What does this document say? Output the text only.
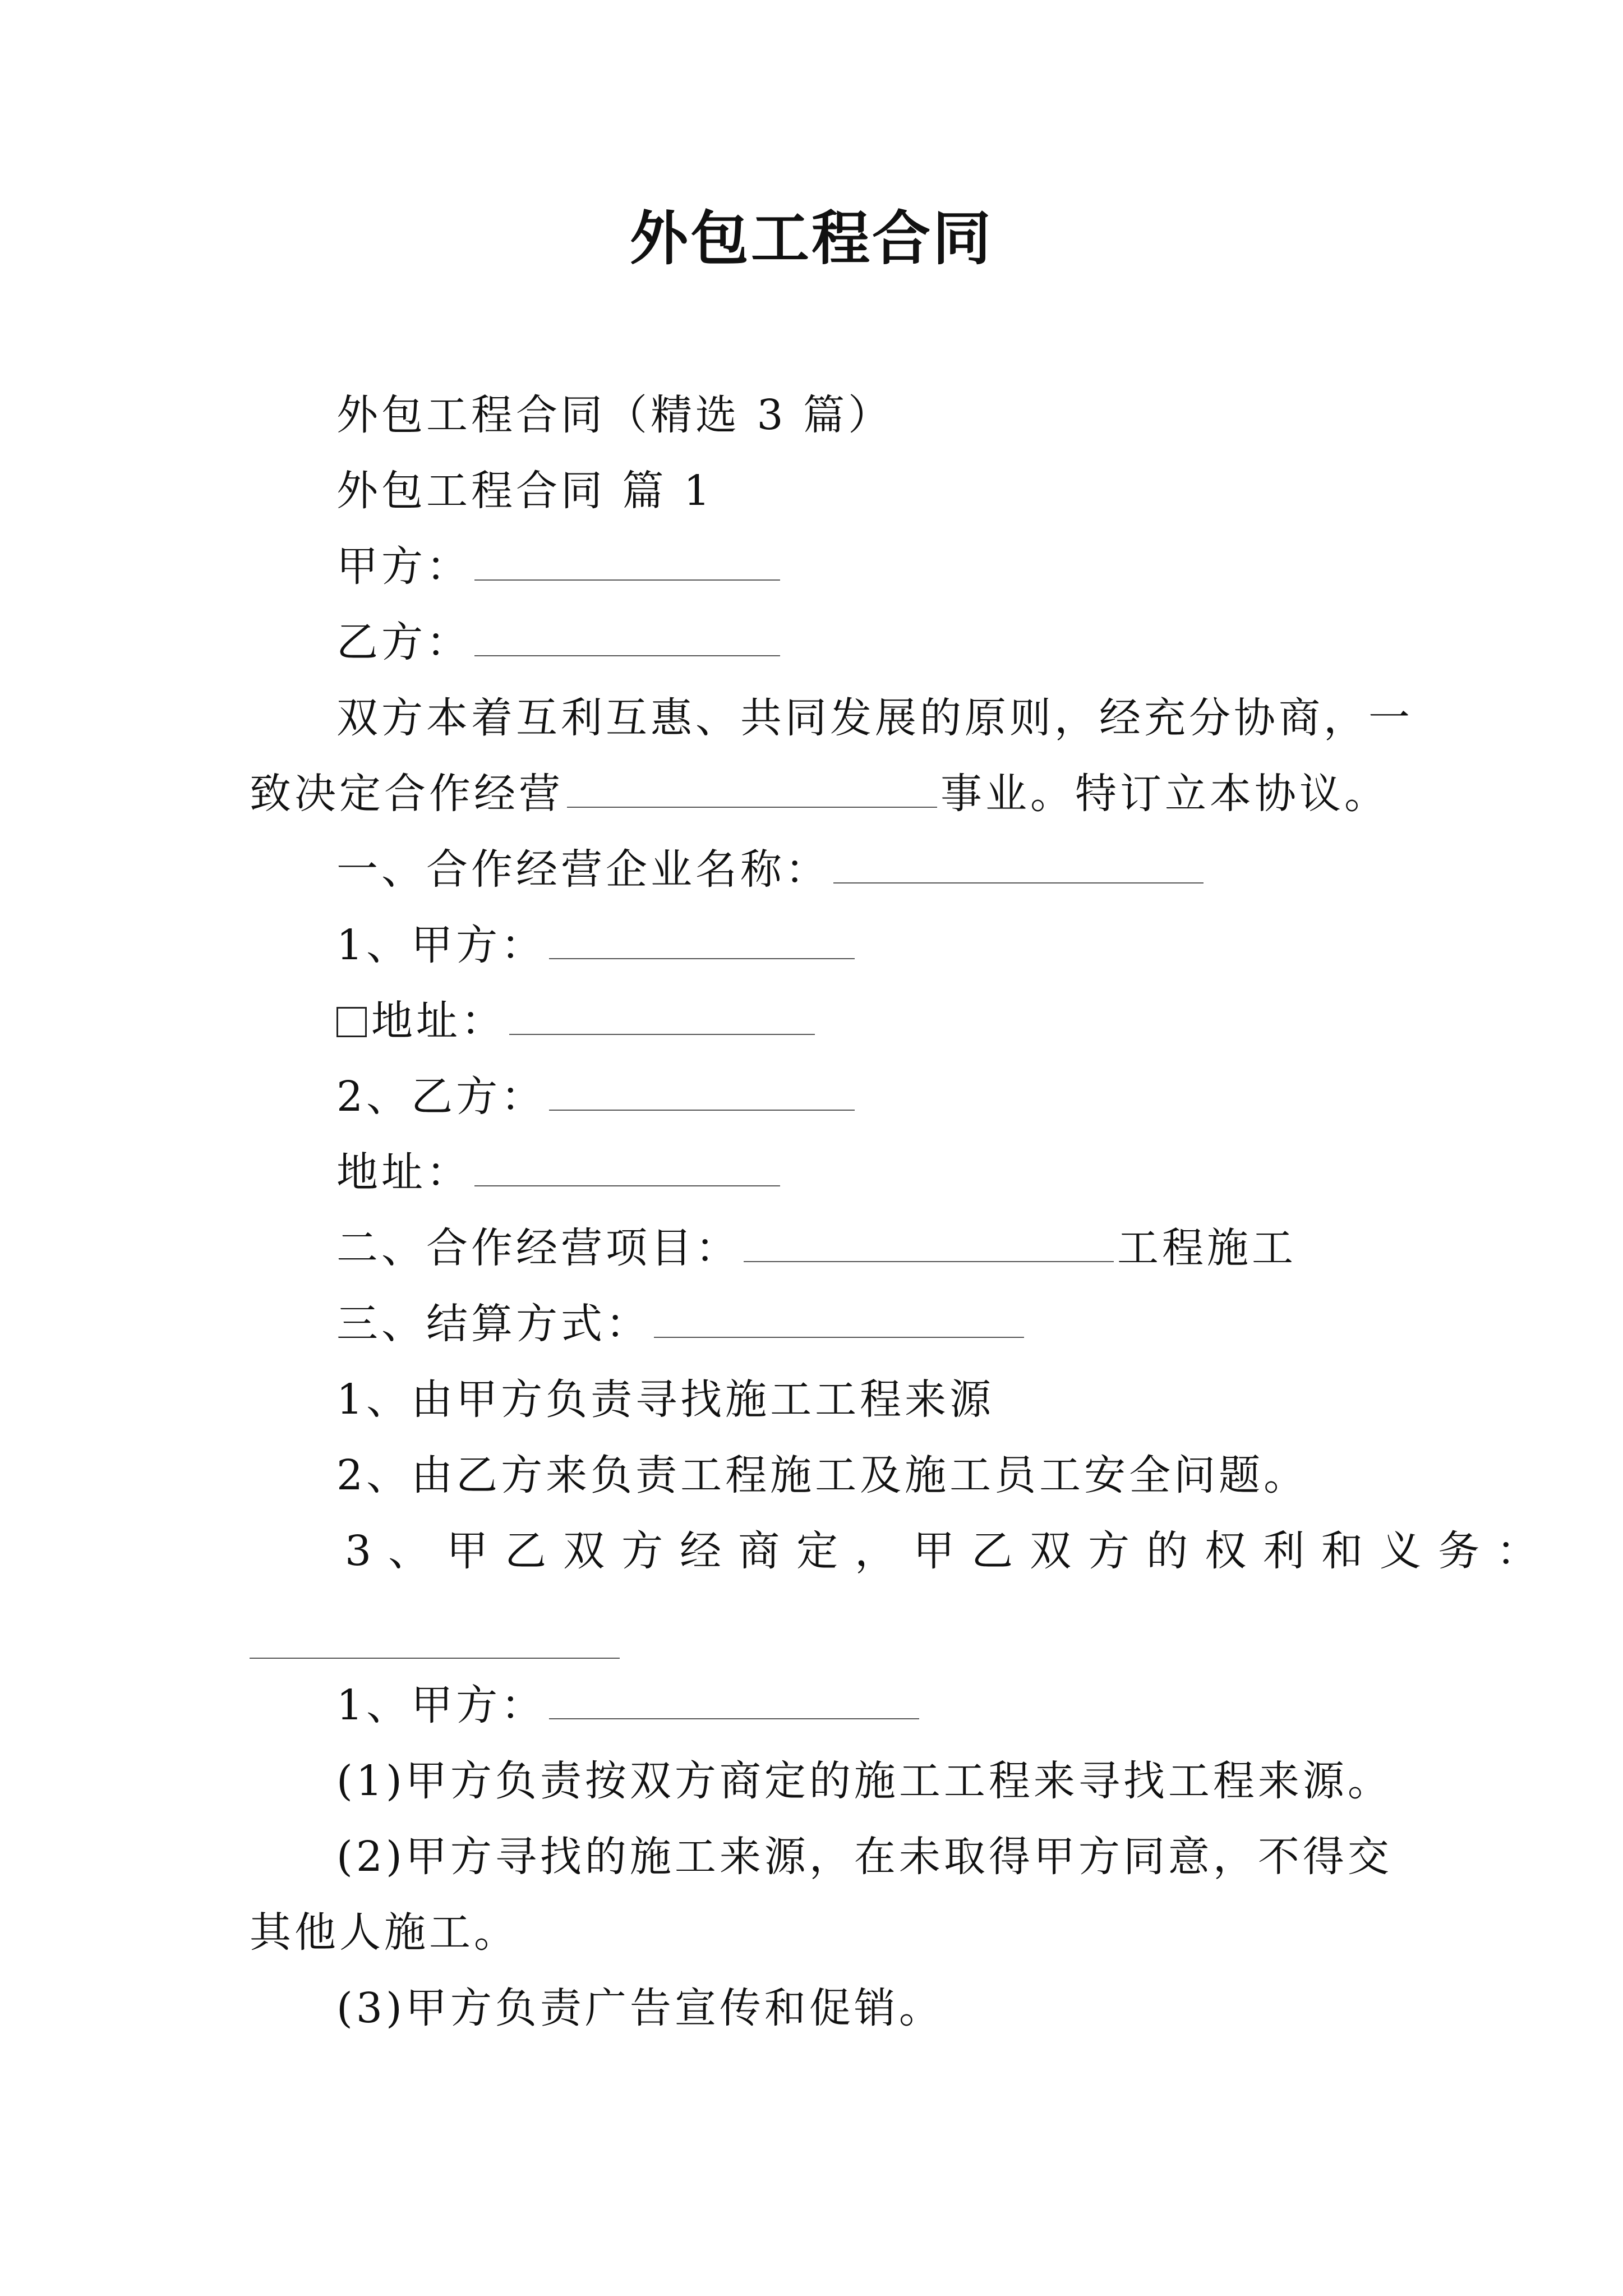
外包工程合同
外包工程合同（精选 3 篇）
外包工程合同 篇 1
甲方：
乙方：
双方本着互利互惠、共同发展的原则，经充分协商，一
致决定合作经营	事业。特订立本协议。
一、合作经营企业名称：
1、甲方：
地址：
2、乙方：
地址：
二、合作经营项目：	工程施工
三、结算方式：
1、由甲方负责寻找施工工程来源
2、由乙方来负责工程施工及施工员工安全问题。
3、甲乙双方经商定，甲乙双方的权利和义务：
1、甲方：
(1)甲方负责按双方商定的施工工程来寻找工程来源。
(2)甲方寻找的施工来源，在未取得甲方同意，不得交
其他人施工。
(3)甲方负责广告宣传和促销。
